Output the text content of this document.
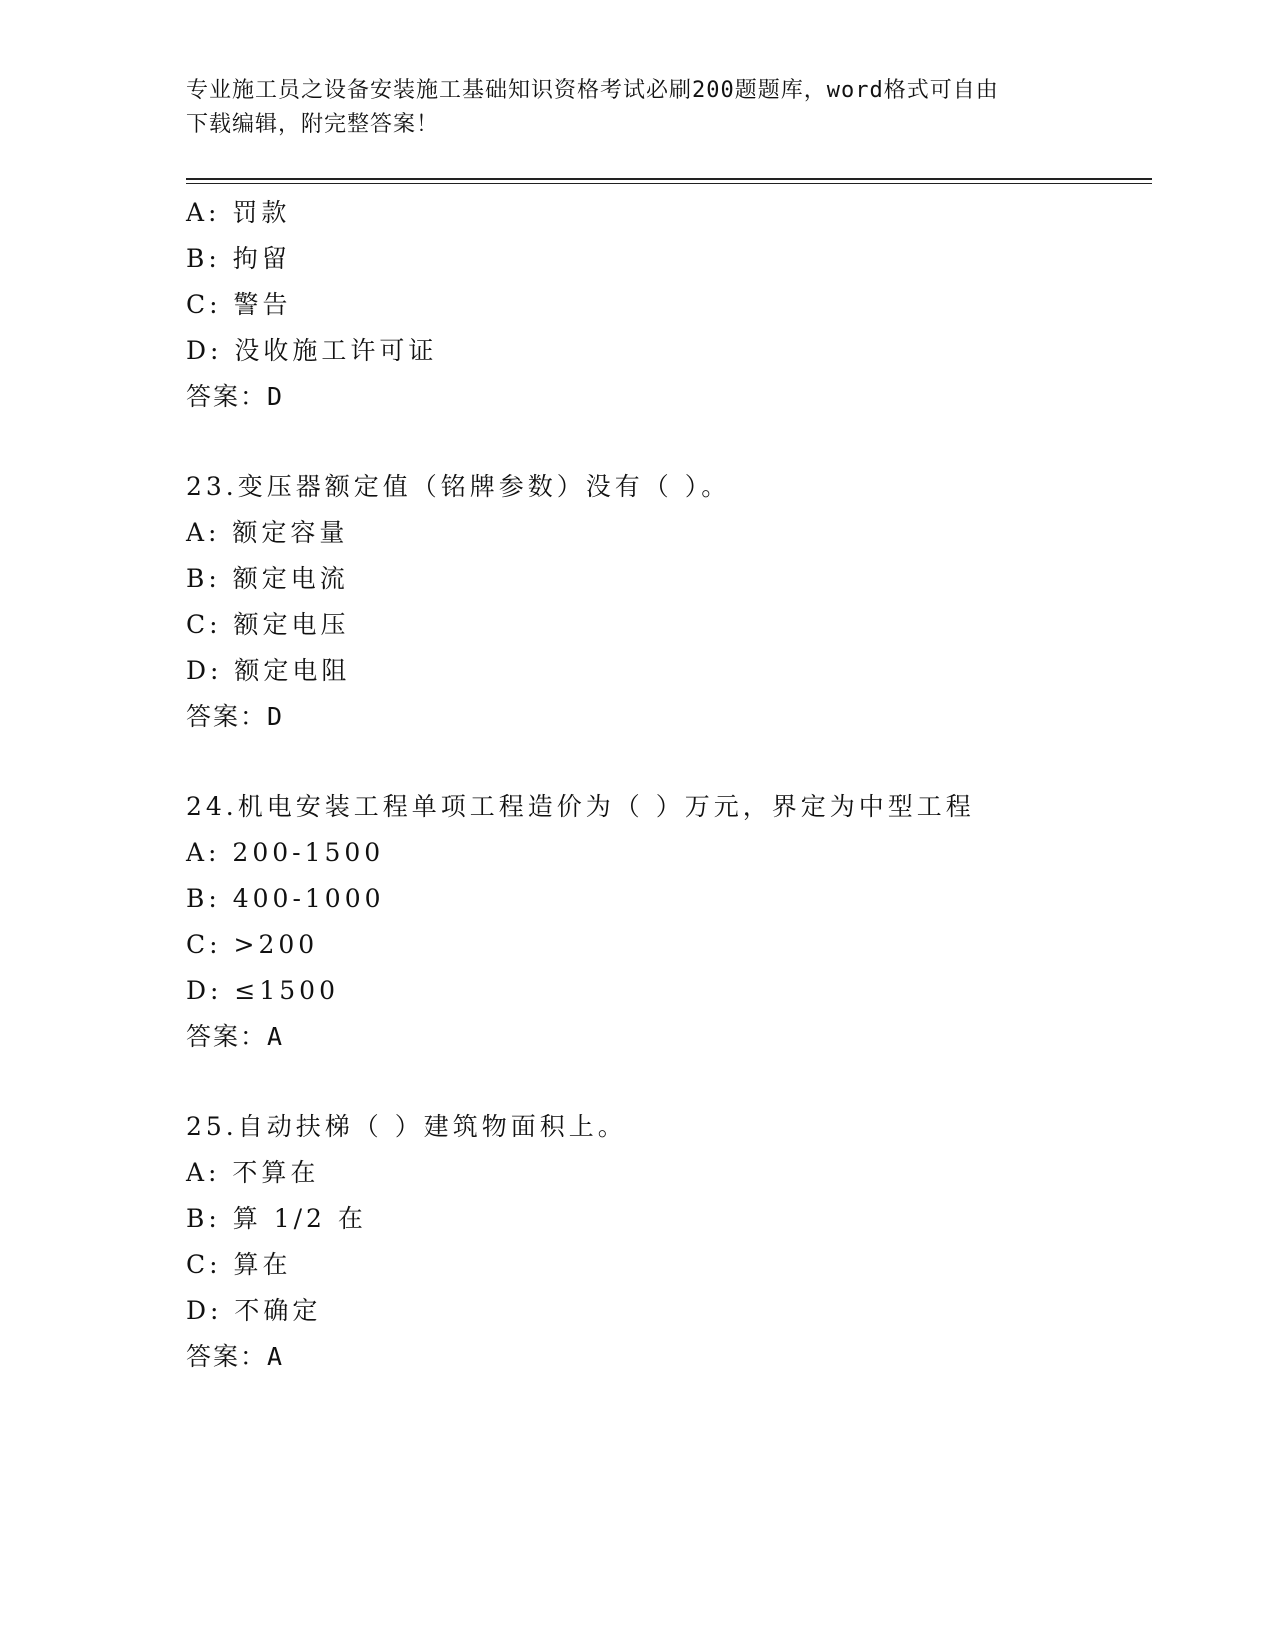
专业施工员之设备安装施工基础知识资格考试必刷200题题库，word格式可自由
下载编辑，附完整答案！
A: 罚款
B: 拘留
C: 警告
D: 没收施工许可证
答案：D
23.变压器额定值（铭牌参数）没有（ ）。
A: 额定容量
B: 额定电流
C: 额定电压
D: 额定电阻
答案：D
24.机电安装工程单项工程造价为（ ）万元，界定为中型工程
A: 200-1500
B: 400-1000
C: >200
D: ≤1500
答案：A
25.自动扶梯（ ）建筑物面积上。
A: 不算在
B: 算 1/2 在
C: 算在
D: 不确定
答案：A
